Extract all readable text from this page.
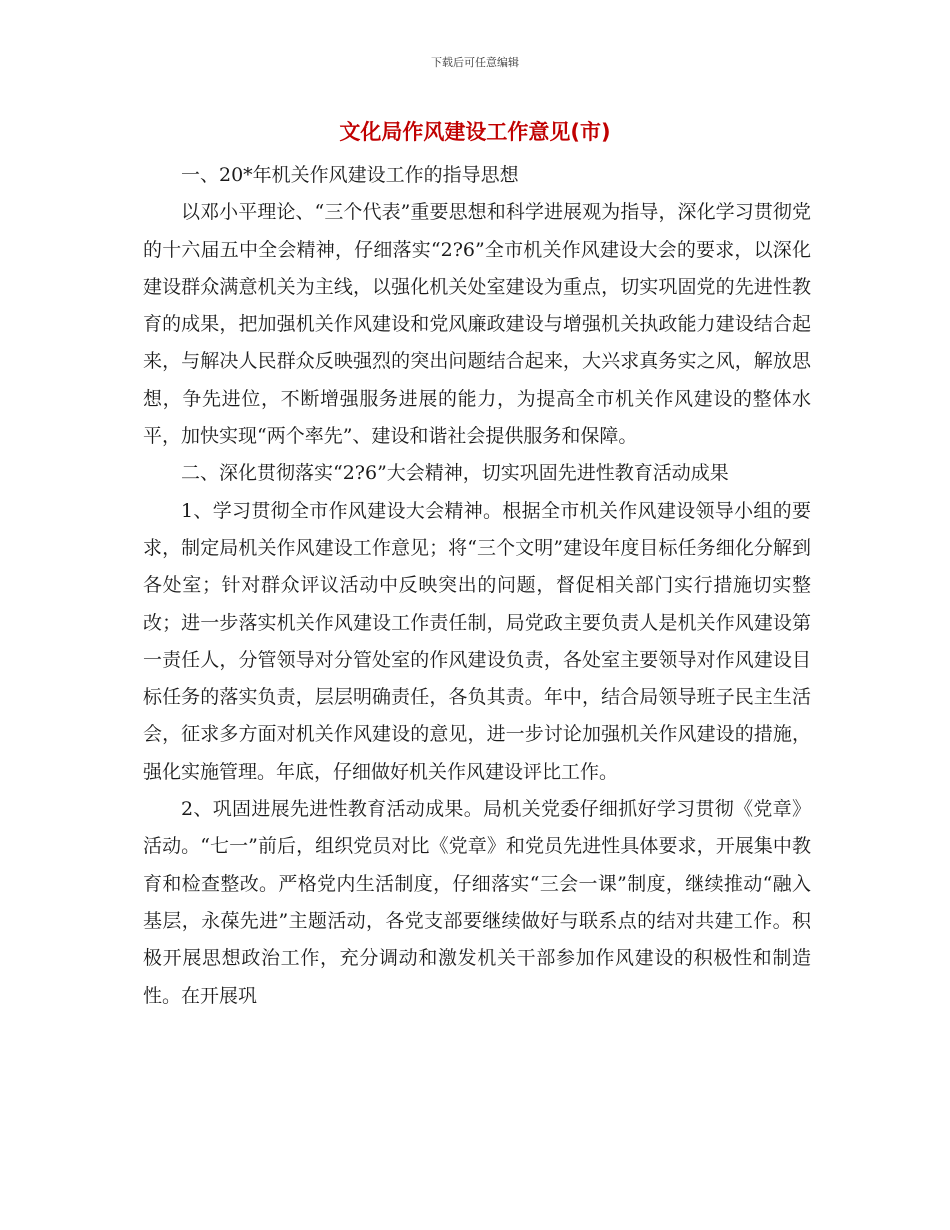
下载后可任意编辑
文化局作风建设工作意见(市)

一、20*年机关作风建设工作的指导思想

以邓小平理论、“三个代表”重要思想和科学进展观为指导，深化学习贯彻党的十六届五中全会精神，仔细落实“2?6”全市机关作风建设大会的要求，以深化建设群众满意机关为主线，以强化机关处室建设为重点，切实巩固党的先进性教育的成果，把加强机关作风建设和党风廉政建设与增强机关执政能力建设结合起来，与解决人民群众反映强烈的突出问题结合起来，大兴求真务实之风，解放思想，争先进位，不断增强服务进展的能力，为提高全市机关作风建设的整体水平，加快实现“两个率先”、建设和谐社会提供服务和保障。

二、深化贯彻落实“2?6”大会精神，切实巩固先进性教育活动成果

1、学习贯彻全市作风建设大会精神。根据全市机关作风建设领导小组的要求，制定局机关作风建设工作意见；将“三个文明”建设年度目标任务细化分解到各处室；针对群众评议活动中反映突出的问题，督促相关部门实行措施切实整改；进一步落实机关作风建设工作责任制，局党政主要负责人是机关作风建设第一责任人，分管领导对分管处室的作风建设负责，各处室主要领导对作风建设目标任务的落实负责，层层明确责任，各负其责。年中，结合局领导班子民主生活会，征求多方面对机关作风建设的意见，进一步讨论加强机关作风建设的措施，强化实施管理。年底，仔细做好机关作风建设评比工作。

2、巩固进展先进性教育活动成果。局机关党委仔细抓好学习贯彻《党章》活动。“七一”前后，组织党员对比《党章》和党员先进性具体要求，开展集中教育和检查整改。严格党内生活制度，仔细落实“三会一课”制度，继续推动“融入基层，永葆先进”主题活动，各党支部要继续做好与联系点的结对共建工作。积极开展思想政治工作，充分调动和激发机关干部参加作风建设的积极性和制造性。在开展巩
